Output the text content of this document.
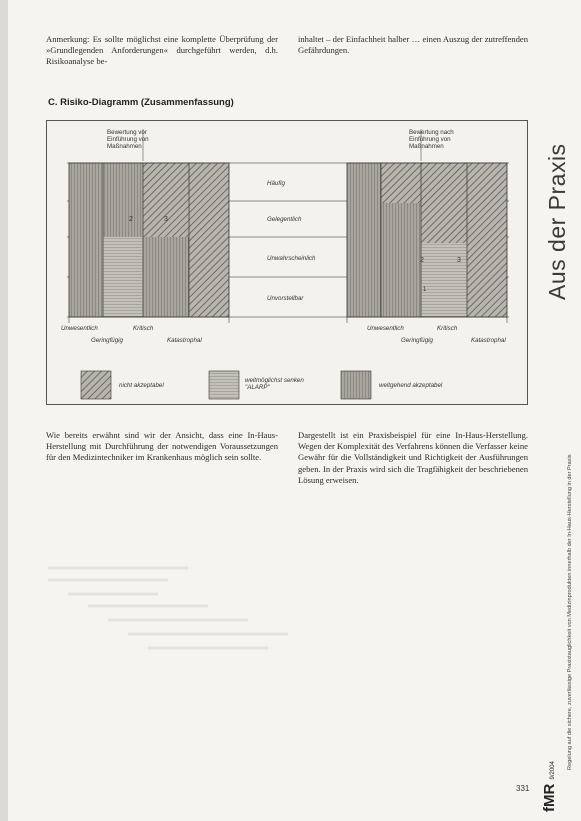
Anmerkung: Es sollte möglichst eine komplette Überprüfung der »Grundlegenden Anforderungen« durchgeführt werden, d.h. Risikoanalyse be-
inhaltet – der Einfachheit halber … einen Auszug der zutreffenden Gefährdungen.
C. Risiko-Diagramm (Zusammenfassung)
Bewertung vor Einführung von Maßnahmen
Bewertung nach Einführung von Maßnahmen
Häufig
Gelegentlich
Unwahrscheinlich
Unvorstellbar
2	3
2	3
1
Unwesentlich	Kritisch
Geringfügig	Katastrophal
Unwesentlich	Kritisch
Geringfügig	Katastrophal
nicht akzeptabel
weitmöglichst senken "ALARP"	weitgehend akzeptabel
Wie bereits erwähnt sind wir der Ansicht, dass eine In-Haus-Herstellung mit Durchführung der notwendigen Voraussetzungen für den Medizintechniker im Krankenhaus möglich sein sollte.
Dargestellt ist ein Praxisbeispiel für eine In-Haus-Herstellung. Wegen der Komplexität des Verfahrens können die Verfasser keine Gewähr für die Vollständigkeit und Richtigkeit der Ausführungen geben. In der Praxis wird sich die Tragfähigkeit der beschriebenen Lösung erweisen.
Aus der Praxis
Regelung auf die sichere, zuverlässige Praxistauglichkeit von Medizinprodukten innerhalb der In-Haus-Herstellung in der Praxis
fMR 9/2004
331
